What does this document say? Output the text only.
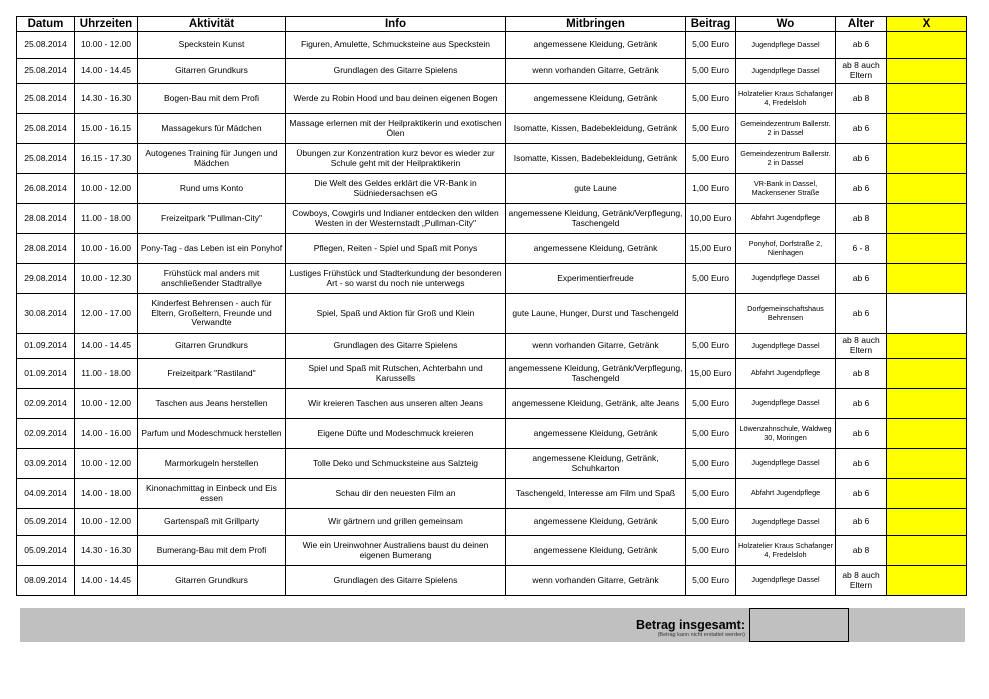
Datum	Uhrzeiten	Aktivität	Info	Mitbringen	Beitrag	Wo	Alter	X
25.08.2014	10.00 - 12.00	Speckstein Kunst	Figuren, Amulette, Schmucksteine aus Speckstein	angemessene Kleidung, Getränk	5,00 Euro	Jugendpflege Dassel	ab 6	
25.08.2014	14.00 - 14.45	Gitarren Grundkurs	Grundlagen des Gitarre Spielens	wenn vorhanden Gitarre, Getränk	5,00 Euro	Jugendpflege Dassel	ab 8 auch Eltern	
25.08.2014	14.30 - 16.30	Bogen-Bau mit dem Profi	Werde zu Robin Hood und bau deinen eigenen Bogen	angemessene Kleidung, Getränk	5,00 Euro	Holzatelier Kraus Schafanger 4, Fredelsloh	ab 8	
25.08.2014	15.00 - 16.15	Massagekurs für Mädchen	Massage erlernen mit der Heilpraktikerin und exotischen Ölen	Isomatte, Kissen, Badebekleidung, Getränk	5,00 Euro	Gemeindezentrum Ballerstr. 2 in Dassel	ab 6	
25.08.2014	16.15 - 17.30	Autogenes Training für Jungen und Mädchen	Übungen zur Konzentration kurz bevor es wieder zur Schule geht mit der Heilpraktikerin	Isomatte, Kissen, Badebekleidung, Getränk	5,00 Euro	Gemeindezentrum Ballerstr. 2 in Dassel	ab 6	
26.08.2014	10.00 - 12.00	Rund ums Konto	Die Welt des Geldes erklärt die VR-Bank in Südniedersachsen eG	gute Laune	1,00 Euro	VR-Bank in Dassel, Mackensener Straße	ab 6	
28.08.2014	11.00 - 18.00	Freizeitpark "Pullman-City"	Cowboys, Cowgirls und Indianer entdecken den wilden Westen in der Westernstadt „Pullman-City"	angemessene Kleidung, Getränk/Verpflegung, Taschengeld	10,00 Euro	Abfahrt Jugendpflege	ab 8	
28.08.2014	10.00 - 16.00	Pony-Tag - das Leben ist ein Ponyhof	Pflegen, Reiten - Spiel und Spaß mit Ponys	angemessene Kleidung, Getränk	15,00 Euro	Ponyhof, Dorfstraße 2, Nienhagen	6 - 8	
29.08.2014	10.00 - 12.30	Frühstück mal anders mit anschließender Stadtrallye	Lustiges Frühstück und Stadterkundung der besonderen Art - so warst du noch nie unterwegs	Experimentierfreude	5,00 Euro	Jugendpflege Dassel	ab 6	
30.08.2014	12.00 - 17.00	Kinderfest Behrensen - auch für Eltern, Großeltern, Freunde und Verwandte	Spiel, Spaß und Aktion für Groß und Klein	gute Laune, Hunger, Durst und Taschengeld		Dorfgemeinschaftshaus Behrensen	ab 6	
01.09.2014	14.00 - 14.45	Gitarren Grundkurs	Grundlagen des Gitarre Spielens	wenn vorhanden Gitarre, Getränk	5,00 Euro	Jugendpflege Dassel	ab 8 auch Eltern	
01.09.2014	11.00 - 18.00	Freizeitpark "Rastiland"	Spiel und Spaß mit Rutschen, Achterbahn und Karussells	angemessene Kleidung, Getränk/Verpflegung, Taschengeld	15,00 Euro	Abfahrt Jugendpflege	ab 8	
02.09.2014	10.00 - 12.00	Taschen aus Jeans herstellen	Wir kreieren Taschen aus unseren alten Jeans	angemessene Kleidung, Getränk, alte Jeans	5,00 Euro	Jugendpflege Dassel	ab 6	
02.09.2014	14.00 - 16.00	Parfum und Modeschmuck herstellen	Eigene Düfte und Modeschmuck kreieren	angemessene Kleidung, Getränk	5,00 Euro	Löwenzahnschule, Waldweg 30, Moringen	ab 6	
03.09.2014	10.00 - 12.00	Marmorkugeln herstellen	Tolle Deko und Schmucksteine aus Salzteig	angemessene Kleidung, Getränk, Schuhkarton	5,00 Euro	Jugendpflege Dassel	ab 6	
04.09.2014	14.00 - 18.00	Kinonachmittag in Einbeck und Eis essen	Schau dir den neuesten Film an	Taschengeld, Interesse am Film und Spaß	5,00 Euro	Abfahrt Jugendpflege	ab 6	
05.09.2014	10.00 - 12.00	Gartenspaß mit Grillparty	Wir gärtnern und grillen gemeinsam	angemessene Kleidung, Getränk	5,00 Euro	Jugendpflege Dassel	ab 6	
05.09.2014	14.30 - 16.30	Bumerang-Bau mit dem Profi	Wie ein Ureinwohner Australiens baust du deinen eigenen Bumerang	angemessene Kleidung, Getränk	5,00 Euro	Holzatelier Kraus Schafanger 4, Fredelsloh	ab 8	
08.09.2014	14.00 - 14.45	Gitarren Grundkurs	Grundlagen des Gitarre Spielens	wenn vorhanden Gitarre, Getränk	5,00 Euro	Jugendpflege Dassel	ab 8 auch Eltern	
Betrag insgesamt:
(Betrag kann nicht erstattet werden)
